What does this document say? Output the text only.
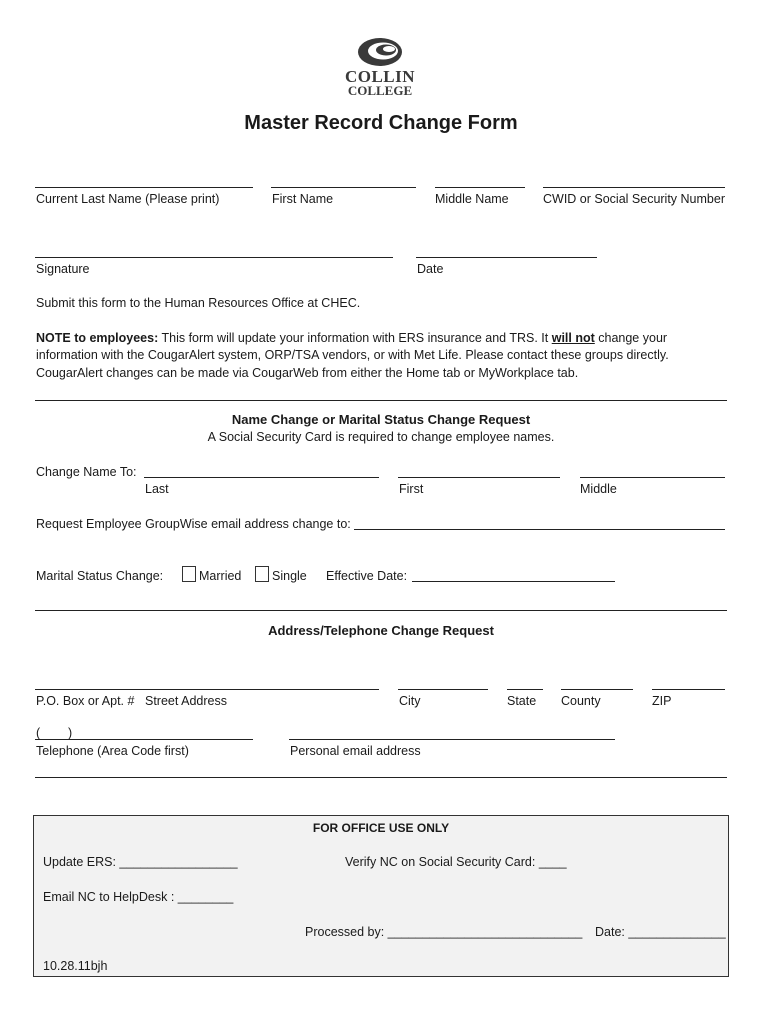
COLLIN
COLLEGE
Master Record Change Form
Current Last Name (Please print)	First Name	Middle Name	CWID or Social Security Number
Signature	Date
Submit this form to the Human Resources Office at CHEC.
NOTE to employees: This form will update your information with ERS insurance and TRS. It will not change your
information with the CougarAlert system, ORP/TSA vendors, or with Met Life. Please contact these groups directly.
CougarAlert changes can be made via CougarWeb from either the Home tab or MyWorkplace tab.
Name Change or Marital Status Change Request
A Social Security Card is required to change employee names.
Change Name To:
Last	First	Middle
Request Employee GroupWise email address change to:
Marital Status Change:	Married Single Effective Date:
Address/Telephone Change Request
P.O. Box or Apt. # Street Address	City	State County	ZIP
(        )
Telephone (Area Code first)	Personal email address
FOR OFFICE USE ONLY
Update ERS: _________________	Verify NC on Social Security Card: ____
Email NC to HelpDesk : ________
Processed by: ____________________________ Date: ______________
10.28.11bjh
